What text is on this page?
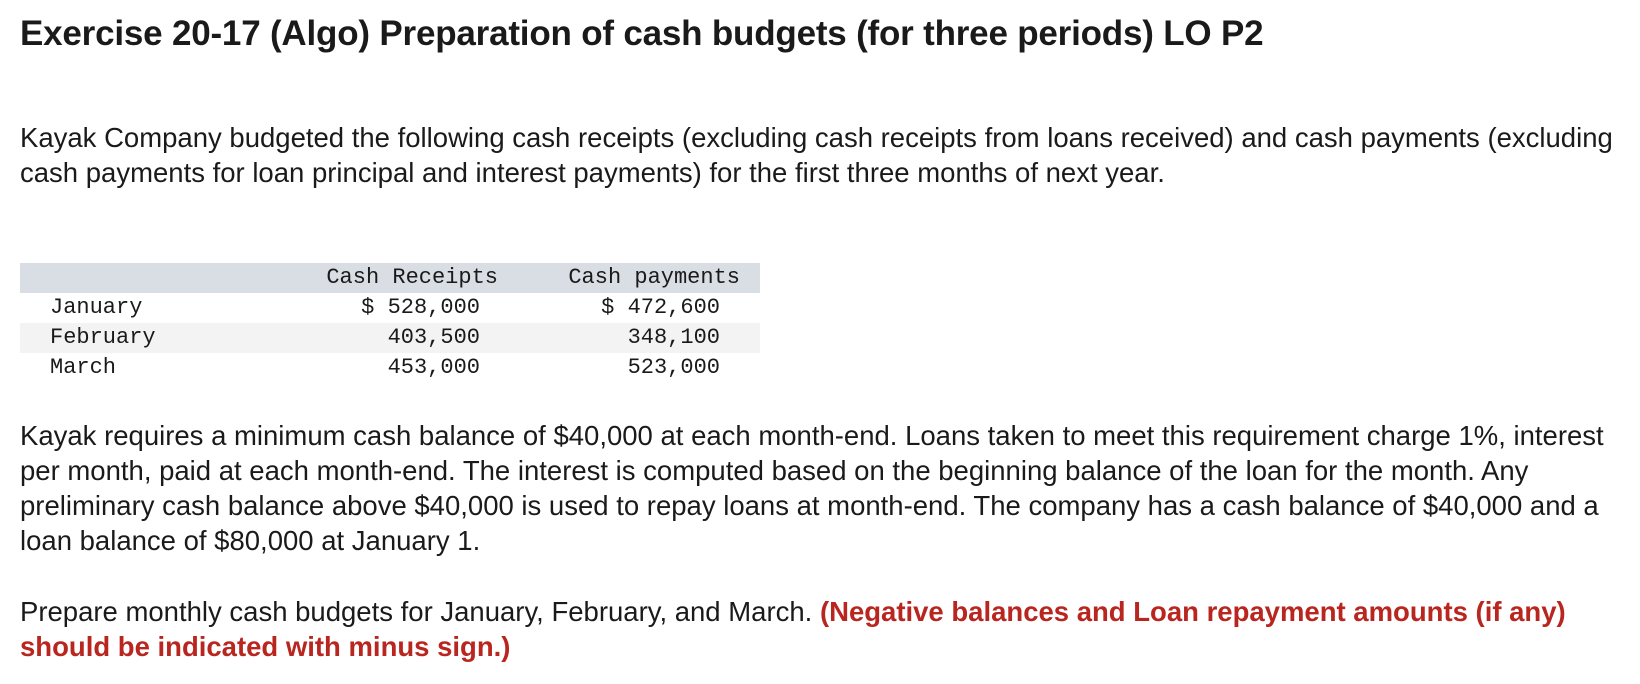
Exercise 20-17 (Algo) Preparation of cash budgets (for three periods) LO P2

Kayak Company budgeted the following cash receipts (excluding cash receipts from loans received) and cash payments (excluding cash payments for loan principal and interest payments) for the first three months of next year.

	Cash Receipts	Cash payments
January	$ 528,000	$ 472,600
February	403,500	348,100
March	453,000	523,000

Kayak requires a minimum cash balance of $40,000 at each month-end. Loans taken to meet this requirement charge 1%, interest per month, paid at each month-end. The interest is computed based on the beginning balance of the loan for the month. Any preliminary cash balance above $40,000 is used to repay loans at month-end. The company has a cash balance of $40,000 and a loan balance of $80,000 at January 1.

Prepare monthly cash budgets for January, February, and March. (Negative balances and Loan repayment amounts (if any) should be indicated with minus sign.)
